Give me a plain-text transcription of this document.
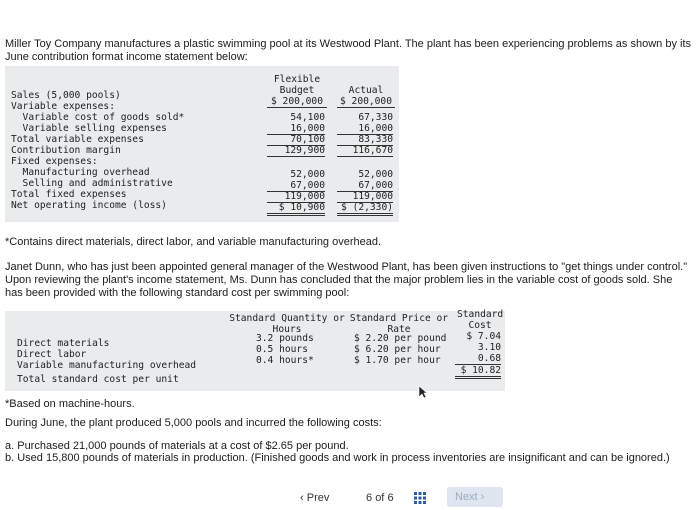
Miller Toy Company manufactures a plastic swimming pool at its Westwood Plant. The plant has been experiencing problems as shown by its June contribution format income statement below:
Flexible
Budget
$ 200,000
Actual
$ 200,000
Sales (5,000 pools)
Variable expenses:
Variable cost of goods sold*
Variable selling expenses
Total variable expenses
Contribution margin
Fixed expenses:
Manufacturing overhead
Selling and administrative
Total fixed expenses
Net operating income (loss)
54,100
16,000
70,100
129,900
52,000
67,000
119,000
$ 10,900
67,330
16,000
83,330
116,670
52,000
67,000
119,000
$ (2,330)
*Contains direct materials, direct labor, and variable manufacturing overhead.
Janet Dunn, who has just been appointed general manager of the Westwood Plant, has been given instructions to "get things under control." Upon reviewing the plant's income statement, Ms. Dunn has concluded that the major problem lies in the variable cost of goods sold. She has been provided with the following standard cost per swimming pool:
Standard Quantity or
Hours
Standard Price or
Rate
Standard
Cost
Direct materials
Direct labor
Variable manufacturing overhead
Total standard cost per unit
3.2 pounds
0.5 hours
0.4 hours*
$ 2.20 per pound
$ 6.20 per hour
$ 1.70 per hour
$ 7.04
3.10
0.68
$ 10.82
*Based on machine-hours.
During June, the plant produced 5,000 pools and incurred the following costs:
a. Purchased 21,000 pounds of materials at a cost of $2.65 per pound.
b. Used 15,800 pounds of materials in production. (Finished goods and work in process inventories are insignificant and can be ignored.)
‹ Prev	6 of 6	Next ›
